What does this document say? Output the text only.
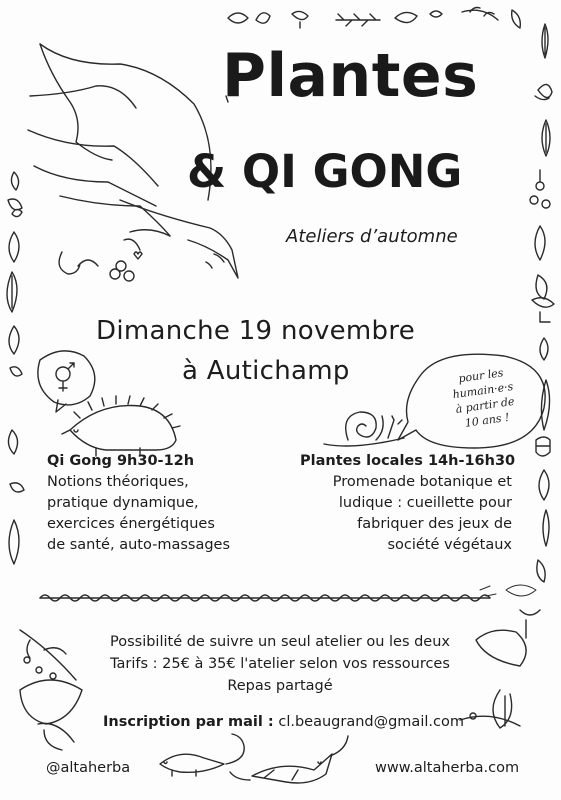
Plantes
& QI GONG

Ateliers d’automne

Dimanche 19 novembre

à Autichamp	pour les
humain·e·s
à partir de
10 ans !
Qi Gong 9h30-12h
Notions théoriques,
pratique dynamique,
exercices énergétiques
de santé, auto-massages
Plantes locales 14h-16h30
Promenade botanique et
ludique : cueillette pour
fabriquer des jeux de
société végétaux
Possibilité de suivre un seul atelier ou les deux
Tarifs : 25€ à 35€ l'atelier selon vos ressources
Repas partagé

Inscription par mail : cl.beaugrand@gmail.com

@altaherba	www.altaherba.com
